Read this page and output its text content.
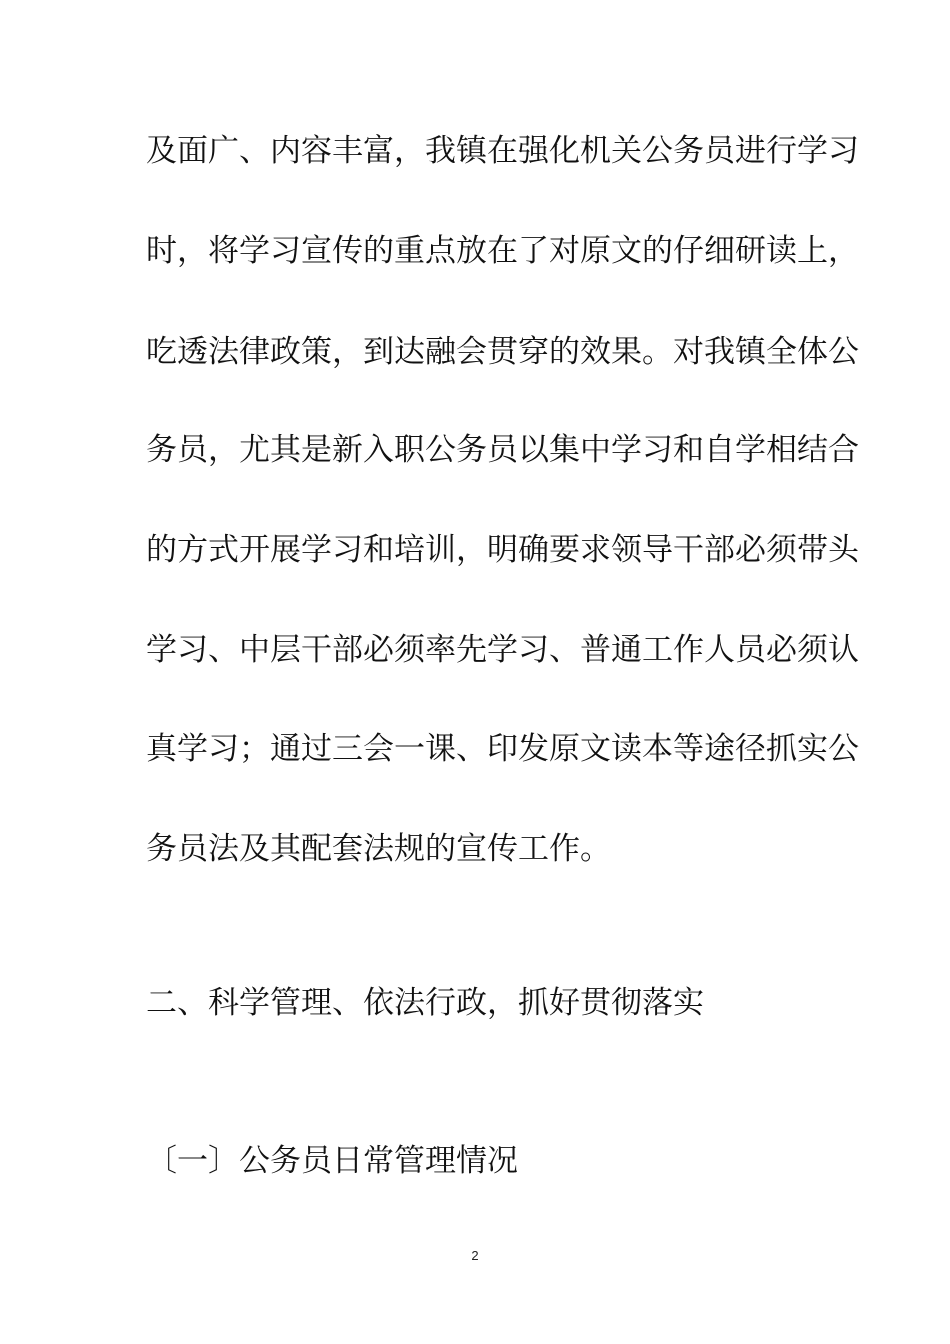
及面广、内容丰富，我镇在强化机关公务员进行学习
时，将学习宣传的重点放在了对原文的仔细研读上，
吃透法律政策，到达融会贯穿的效果。对我镇全体公
务员，尤其是新入职公务员以集中学习和自学相结合
的方式开展学习和培训，明确要求领导干部必须带头
学习、中层干部必须率先学习、普通工作人员必须认
真学习；通过三会一课、印发原文读本等途径抓实公
务员法及其配套法规的宣传工作。
二、科学管理、依法行政，抓好贯彻落实
〔一〕公务员日常管理情况
2
